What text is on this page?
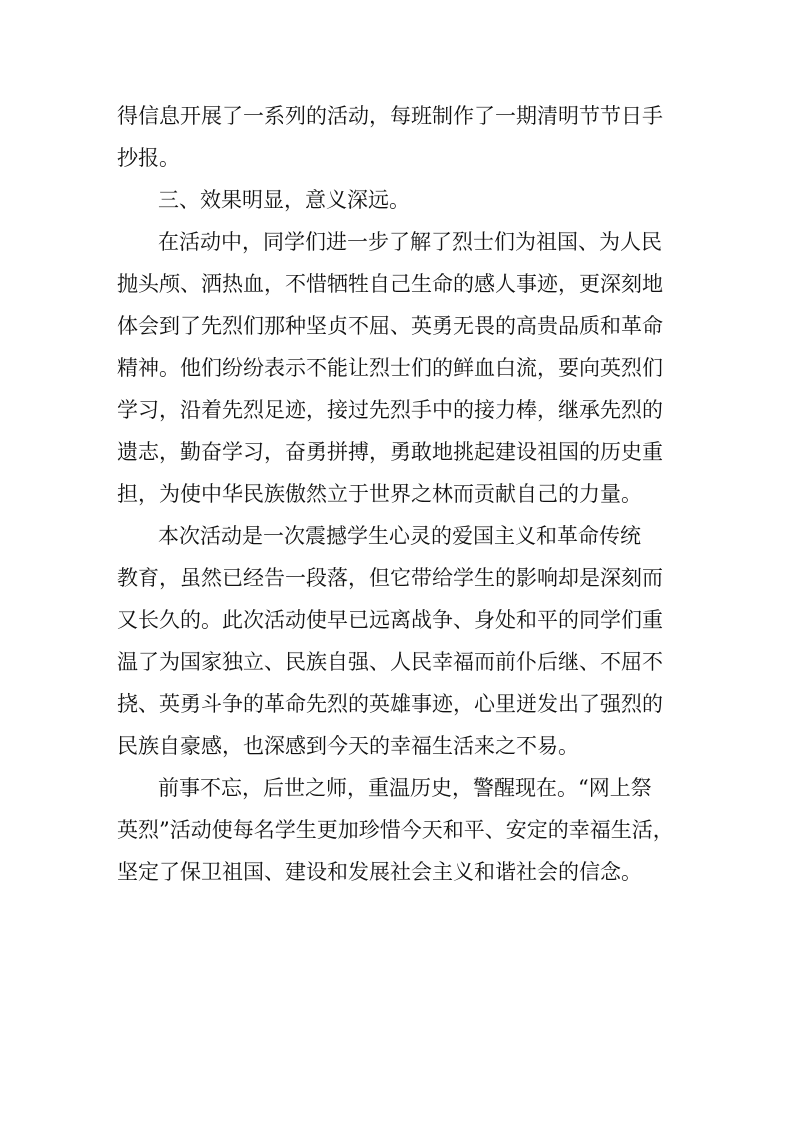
得信息开展了一系列的活动，每班制作了一期清明节节日手
抄报。
三、效果明显，意义深远。
在活动中，同学们进一步了解了烈士们为祖国、为人民
抛头颅、洒热血，不惜牺牲自己生命的感人事迹，更深刻地
体会到了先烈们那种坚贞不屈、英勇无畏的高贵品质和革命
精神。他们纷纷表示不能让烈士们的鲜血白流，要向英烈们
学习，沿着先烈足迹，接过先烈手中的接力棒，继承先烈的
遗志，勤奋学习，奋勇拼搏，勇敢地挑起建设祖国的历史重
担，为使中华民族傲然立于世界之林而贡献自己的力量。
本次活动是一次震撼学生心灵的爱国主义和革命传统
教育，虽然已经告一段落，但它带给学生的影响却是深刻而
又长久的。此次活动使早已远离战争、身处和平的同学们重
温了为国家独立、民族自强、人民幸福而前仆后继、不屈不
挠、英勇斗争的革命先烈的英雄事迹，心里迸发出了强烈的
民族自豪感，也深感到今天的幸福生活来之不易。
前事不忘，后世之师，重温历史，警醒现在。“网上祭
英烈”活动使每名学生更加珍惜今天和平、安定的幸福生活，
坚定了保卫祖国、建设和发展社会主义和谐社会的信念。
